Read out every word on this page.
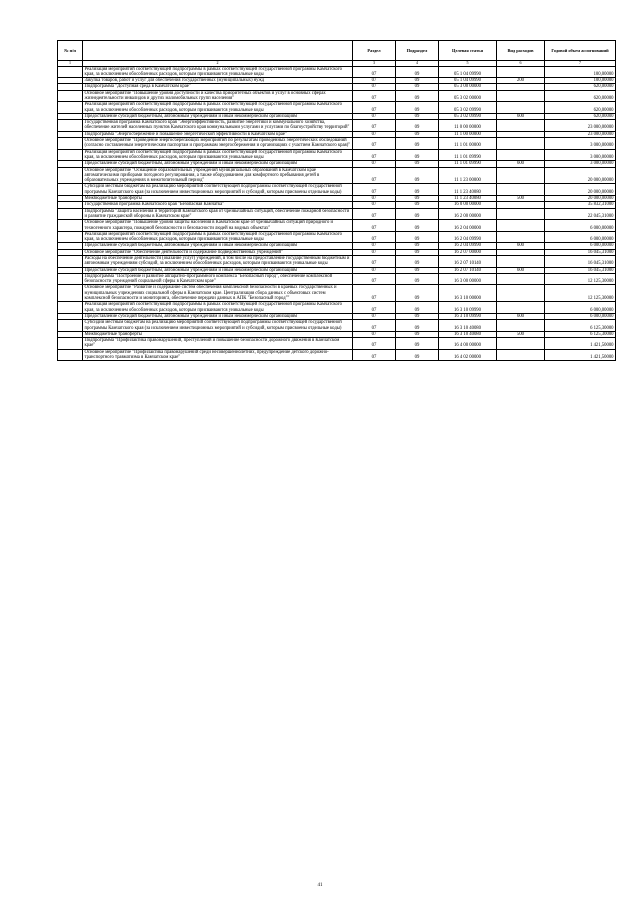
№ п/п		Раздел	Подраздел	Целевая статья	Вид расходов	Годовой объем ассигнований
1	2	3	4	5	6	7
	Реализация мероприятий соответствующей подпрограммы в рамках соответствующей государственной программы Камчатского края, за исключением обособленных расходов, которым присваиваются уникальные коды	07	09	05 1 04 09990		100,00000
	Закупка товаров, работ и услуг для обеспечения государственных (муниципальных) нужд	07	09	05 1 04 09990	200	100,00000
	Подпрограмма "Доступная среда в Камчатском крае"	07	09	05 3 00 00000		620,00000
	Основное мероприятие "Повышение уровня доступности и качества приоритетных объектов и услуг в основных сферах жизнедеятельности инвалидов и других маломобильных групп населения"	07	09	05 3 02 00000		620,00000
	Реализация мероприятий соответствующей подпрограммы в рамках соответствующей государственной программы Камчатского края, за исключением обособленных расходов, которым присваиваются уникальные коды	07	09	05 3 02 09990		620,00000
	Предоставление субсидий бюджетным, автономным учреждениям и иным некоммерческим организациям	07	09	05 3 02 09990	600	620,00000
	Государственная программа Камчатского края "Энергоэффективность, развитие энергетики и коммунального хозяйства, обеспечение жителей населенных пунктов Камчатского края коммунальными услугами и услугами по благоустройству территорий"	07	09	11 0 00 00000		23 000,00000
	Подпрограмма "Энергосбережение и повышение энергетической эффективности в Камчатском крае"	07	09	11 1 00 00000		23 000,00000
	Основное мероприятие "Проведение энергосберегающих мероприятий по результатам проведенных энергетических обследований (согласно составленным энергетическим паспортам и программам энергосбережения и организациях с участием Камчатского края)"	07	09	11 1 01 00000		3 000,00000
	Реализация мероприятий соответствующей подпрограммы в рамках соответствующей государственной программы Камчатского края, за исключением обособленных расходов, которым присваиваются уникальные коды	07	09	11 1 01 09990		3 000,00000
	Предоставление субсидий бюджетным, автономным учреждениям и иным некоммерческим организациям	07	09	11 1 01 09990	600	3 000,00000
	Основное мероприятие "Оснащение образовательных учреждений муниципальных образований в Камчатском крае автоматическими приборами погодного регулирования, а также оборудованием для комфортного пребывания детей в образовательных учреждениях в межотопительный период"	07	09	11 1 23 00000		20 000,00000
	Субсидии местным бюджетам на реализацию мероприятий соответствующей подпрограммы соответствующей государственной программы Камчатского края (за исключением инвестиционных мероприятий и субсидий, которым присвоены отдельные коды)	07	09	11 1 23 40080		20 000,00000
	Межбюджетные трансферты	07	09	11 1 23 40080	500	20 000,00000
	Государственная программа Камчатского края "Безопасная Камчатка"	07	09	16 0 00 00000		35 832,31000
	Подпрограмма "Защита населения и территорий Камчатского края от чрезвычайных ситуаций, обеспечение пожарной безопасности и развитие гражданской обороны в Камчатском крае"	07	09	16 2 00 00000		22 045,31000
	Основное мероприятие "Повышение уровня защиты населения в Камчатском крае от чрезвычайных ситуаций природного и техногенного характера, пожарной безопасности и безопасности людей на водных объектах"	07	09	16 2 04 00000		6 000,00000
	Реализация мероприятий соответствующей подпрограммы в рамках соответствующей государственной программы Камчатского края, за исключением обособленных расходов, которым присваиваются уникальные коды	07	09	16 2 04 09990		6 000,00000
	Предоставление субсидий бюджетным, автономным учреждениям и иным некоммерческим организациям	07	09	16 2 04 09990	600	6 000,00000
	Основное мероприятие "Обеспечение деятельности и содержание подведомственных учреждений"	07	09	16 2 07 00000		16 045,31000
	Расходы на обеспечение деятельности (оказание услуг) учреждений, в том числе на предоставление государственным бюджетным и автономным учреждениям субсидий, за исключением обособленных расходов, которым присваиваются уникальные коды	07	09	16 2 07 10140		16 045,31000
	Предоставление субсидий бюджетным, автономным учреждениям и иным некоммерческим организациям	07	09	16 2 07 10140	600	16 045,31000
	Подпрограмма "Построение и развитие аппаратно-программного комплекса "Безопасный город", обеспечение комплексной безопасности учреждений социальной сферы в Камчатском крае"	07	09	16 3 00 00000		12 125,30000
	Основное мероприятие "Развитие и содержание систем обеспечения комплексной безопасности в краевых государственных и муниципальных учреждениях социальной сферы в Камчатском крае. Централизация сбора данных с объектовых систем комплексной безопасности и мониторинга, обеспечение передачи данных в АПК "Безопасный город""	07	09	16 3 10 00000		12 125,30000
	Реализация мероприятий соответствующей подпрограммы в рамках соответствующей государственной программы Камчатского края, за исключением обособленных расходов, которым присваиваются уникальные коды	07	09	16 3 10 09990		6 000,00000
	Предоставление субсидий бюджетным, автономным учреждениям и иным некоммерческим организациям	07	09	16 3 10 09990	600	6 000,00000
	Субсидии местным бюджетам на реализацию мероприятий соответствующей подпрограммы соответствующей государственной программы Камчатского края (за исключением инвестиционных мероприятий и субсидий, которым присвоены отдельные коды)	07	09	16 3 10 40080		6 125,30000
	Межбюджетные трансферты	07	09	16 3 10 40080	500	6 125,30000
	Подпрограмма "Профилактика правонарушений, преступлений и повышение безопасности дорожного движения в Камчатском крае"	07	09	16 4 00 00000		1 421,50000
	Основное мероприятие "Профилактика правонарушений среди несовершеннолетних, предупреждение детского дорожно-транспортного травматизма в Камчатском крае"	07	09	16 4 02 00000		1 421,50000
41
